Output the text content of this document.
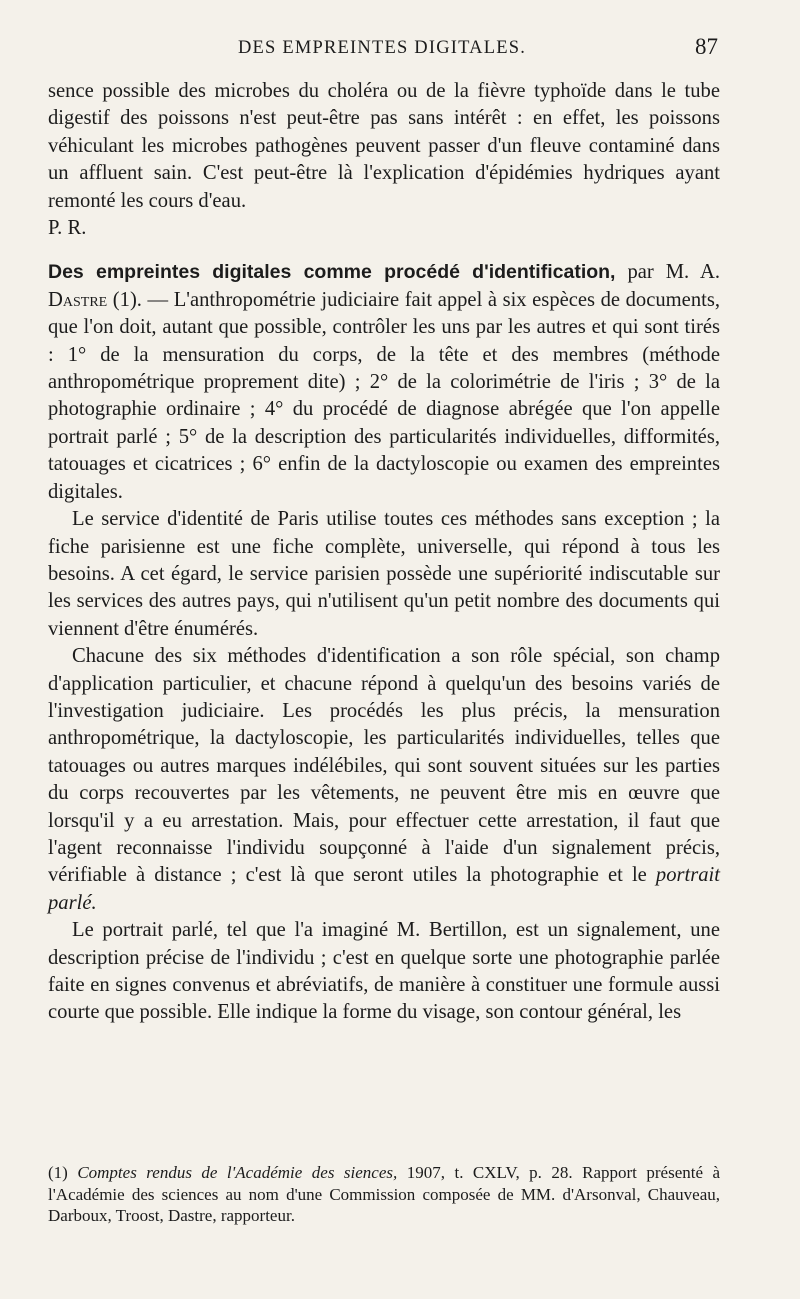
DES EMPREINTES DIGITALES.	87

sence possible des microbes du choléra ou de la fièvre typhoïde dans le tube digestif des poissons n'est peut-être pas sans intérêt : en effet, les poissons véhiculant les microbes pathogènes peuvent passer d'un fleuve contaminé dans un affluent sain. C'est peut-être là l'explication d'épidémies hydriques ayant remonté les cours d'eau.

P. R.

Des empreintes digitales comme procédé d'identification, par M. A. Dastre (1). — L'anthropométrie judiciaire fait appel à six espèces de documents, que l'on doit, autant que possible, contrôler les uns par les autres et qui sont tirés : 1° de la mensuration du corps, de la tête et des membres (méthode anthropométrique proprement dite) ; 2° de la colorimétrie de l'iris ; 3° de la photographie ordinaire ; 4° du procédé de diagnose abrégée que l'on appelle portrait parlé ; 5° de la description des particularités individuelles, difformités, tatouages et cicatrices ; 6° enfin de la dactyloscopie ou examen des empreintes digitales.

Le service d'identité de Paris utilise toutes ces méthodes sans exception ; la fiche parisienne est une fiche complète, universelle, qui répond à tous les besoins. A cet égard, le service parisien possède une supériorité indiscutable sur les services des autres pays, qui n'utilisent qu'un petit nombre des documents qui viennent d'être énumérés.

Chacune des six méthodes d'identification a son rôle spécial, son champ d'application particulier, et chacune répond à quelqu'un des besoins variés de l'investigation judiciaire. Les procédés les plus précis, la mensuration anthropométrique, la dactyloscopie, les particularités individuelles, telles que tatouages ou autres marques indélébiles, qui sont souvent situées sur les parties du corps recouvertes par les vêtements, ne peuvent être mis en œuvre que lorsqu'il y a eu arrestation. Mais, pour effectuer cette arrestation, il faut que l'agent reconnaisse l'individu soupçonné à l'aide d'un signalement précis, vérifiable à distance ; c'est là que seront utiles la photographie et le portrait parlé.

Le portrait parlé, tel que l'a imaginé M. Bertillon, est un signalement, une description précise de l'individu ; c'est en quelque sorte une photographie parlée faite en signes convenus et abréviatifs, de manière à constituer une formule aussi courte que possible. Elle indique la forme du visage, son contour général, les

(1) Comptes rendus de l'Académie des siences, 1907, t. CXLV, p. 28. Rapport présenté à l'Académie des sciences au nom d'une Commission composée de MM. d'Arsonval, Chauveau, Darboux, Troost, Dastre, rapporteur.
